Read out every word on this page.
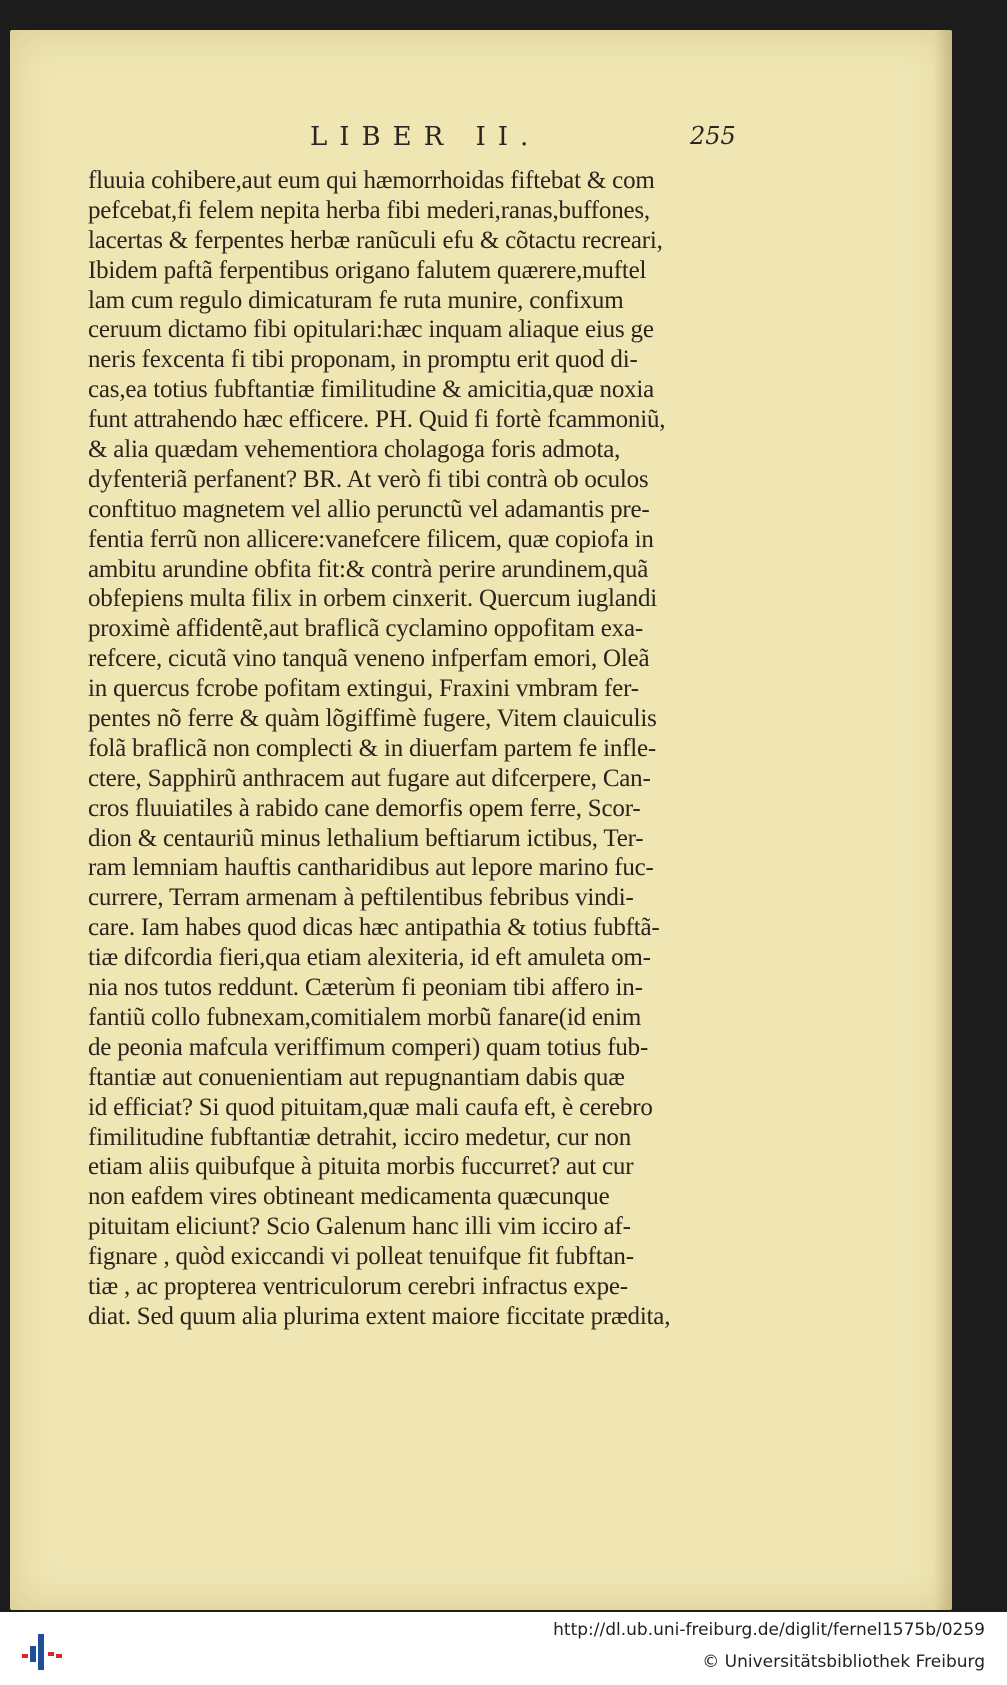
LIBER II.	255
fluuia cohibere,aut eum qui hæmorrhoidas fiftebat & com
pefcebat,fi felem nepita herba fibi mederi,ranas,buffones,
lacertas & ferpentes herbæ ranũculi efu & cõtactu recreari,
Ibidem paftã ferpentibus origano falutem quærere,muftel
lam cum regulo dimicaturam fe ruta munire, confixum
ceruum dictamo fibi opitulari:hæc inquam aliaque eius ge
neris fexcenta fi tibi proponam, in promptu erit quod di-
cas,ea totius fubftantiæ fimilitudine & amicitia,quæ noxia
funt attrahendo hæc efficere. PH. Quid fi fortè fcammoniũ,
& alia quædam vehementiora cholagoga foris admota,
dyfenteriã perfanent? BR. At verò fi tibi contrà ob oculos
conftituo magnetem vel allio perunctũ vel adamantis pre-
fentia ferrũ non allicere:vanefcere filicem, quæ copiofa in
ambitu arundine obfita fit:& contrà perire arundinem,quã
obfepiens multa filix in orbem cinxerit. Quercum iuglandi
proximè affidentẽ,aut braflicã cyclamino oppofitam exa-
refcere, cicutã vino tanquã veneno infperfam emori, Oleã
in quercus fcrobe pofitam extingui, Fraxini vmbram fer-
pentes nõ ferre & quàm lõgiffimè fugere, Vitem clauiculis
folã braflicã non complecti & in diuerfam partem fe infle-
ctere, Sapphirũ anthracem aut fugare aut difcerpere, Can-
cros fluuiatiles à rabido cane demorfis opem ferre, Scor-
dion & centauriũ minus lethalium beftiarum ictibus, Ter-
ram lemniam hauftis cantharidibus aut lepore marino fuc-
currere, Terram armenam à peftilentibus febribus vindi-
care. Iam habes quod dicas hæc antipathia & totius fubftã-
tiæ difcordia fieri,qua etiam alexiteria, id eft amuleta om-
nia nos tutos reddunt. Cæterùm fi peoniam tibi affero in-
fantiũ collo fubnexam,comitialem morbũ fanare(id enim
de peonia mafcula veriffimum comperi) quam totius fub-
ftantiæ aut conuenientiam aut repugnantiam dabis quæ
id efficiat? Si quod pituitam,quæ mali caufa eft, è cerebro
fimilitudine fubftantiæ detrahit, icciro medetur, cur non
etiam aliis quibufque à pituita morbis fuccurret? aut cur
non eafdem vires obtineant medicamenta quæcunque
pituitam eliciunt? Scio Galenum hanc illi vim icciro af-
fignare , quòd exiccandi vi polleat tenuifque fit fubftan-
tiæ , ac propterea ventriculorum cerebri infractus expe-
diat. Sed quum alia plurima extent maiore ficcitate prædita,
http://dl.ub.uni-freiburg.de/diglit/fernel1575b/0259
© Universitätsbibliothek Freiburg
